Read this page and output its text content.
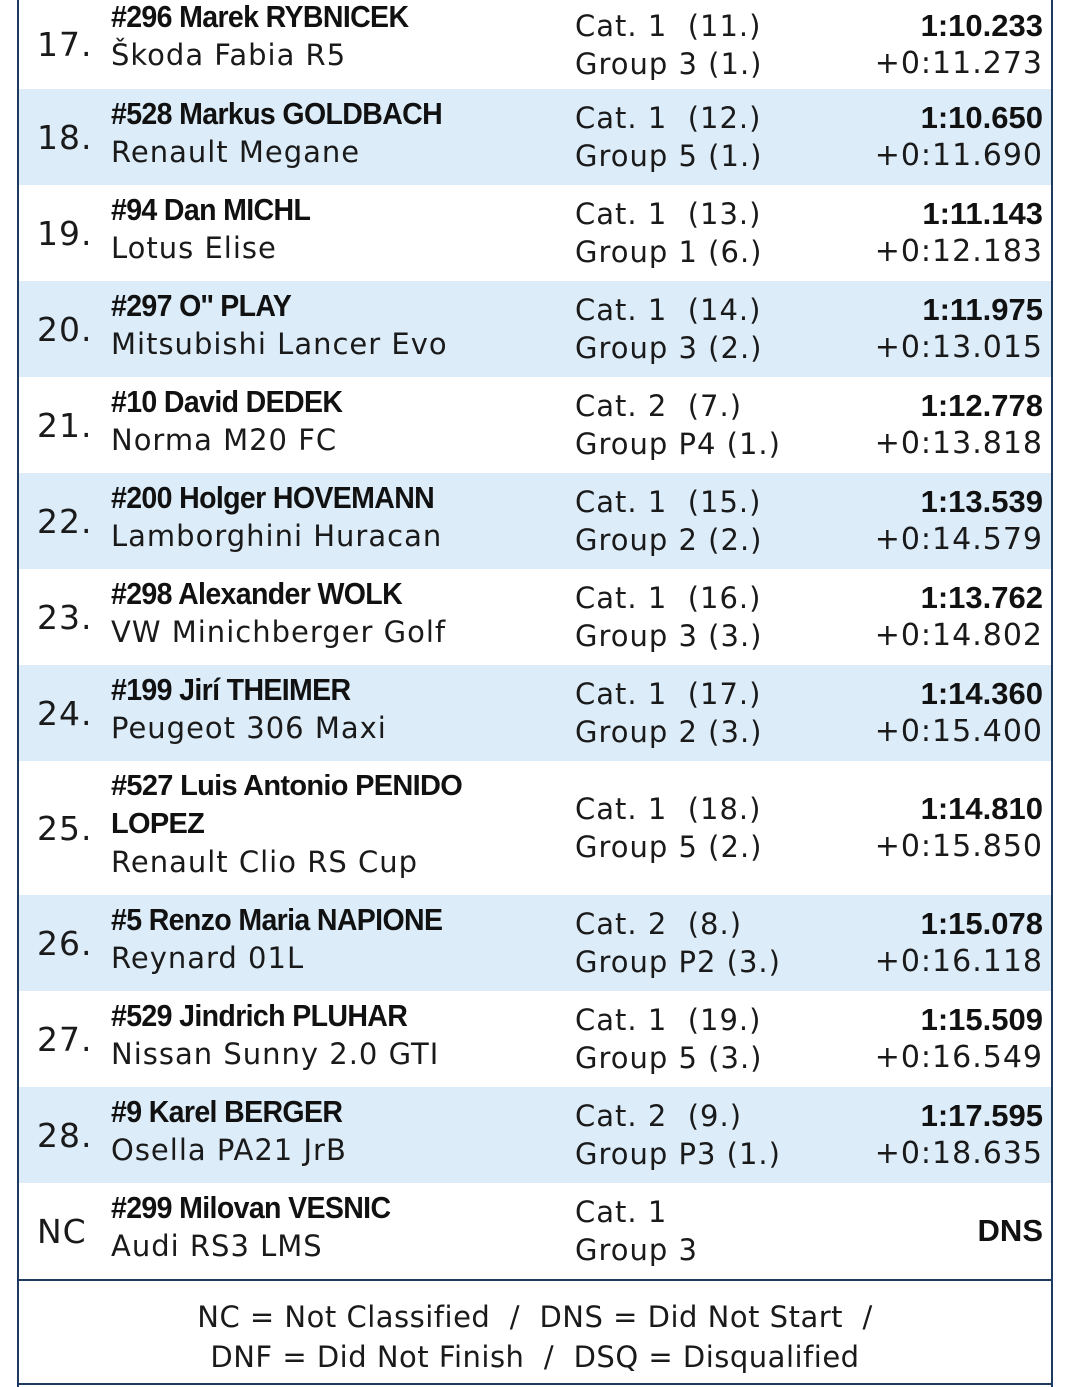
17.
#296 Marek RYBNICEK
Škoda Fabia R5
Cat. 1  (11.)
Group 3 (1.)
1:10.233
+0:11.273
18.
#528 Markus GOLDBACH
Renault Megane
Cat. 1  (12.)
Group 5 (1.)
1:10.650
+0:11.690
19.
#94 Dan MICHL
Lotus Elise
Cat. 1  (13.)
Group 1 (6.)
1:11.143
+0:12.183
20.
#297 O'' PLAY
Mitsubishi Lancer Evo
Cat. 1  (14.)
Group 3 (2.)
1:11.975
+0:13.015
21.
#10 David DEDEK
Norma M20 FC
Cat. 2  (7.)
Group P4 (1.)
1:12.778
+0:13.818
22.
#200 Holger HOVEMANN
Lamborghini Huracan
Cat. 1  (15.)
Group 2 (2.)
1:13.539
+0:14.579
23.
#298 Alexander WOLK
VW Minichberger Golf
Cat. 1  (16.)
Group 3 (3.)
1:13.762
+0:14.802
24.
#199 Jirí THEIMER
Peugeot 306 Maxi
Cat. 1  (17.)
Group 2 (3.)
1:14.360
+0:15.400
25.
#527 Luis Antonio PENIDO LOPEZ
Renault Clio RS Cup
Cat. 1  (18.)
Group 5 (2.)
1:14.810
+0:15.850
26.
#5 Renzo Maria NAPIONE
Reynard 01L
Cat. 2  (8.)
Group P2 (3.)
1:15.078
+0:16.118
27.
#529 Jindrich PLUHAR
Nissan Sunny 2.0 GTI
Cat. 1  (19.)
Group 5 (3.)
1:15.509
+0:16.549
28.
#9 Karel BERGER
Osella PA21 JrB
Cat. 2  (9.)
Group P3 (1.)
1:17.595
+0:18.635
NC
#299 Milovan VESNIC
Audi RS3 LMS
Cat. 1
Group 3
DNS
NC = Not Classified  /  DNS = Did Not Start  /
DNF = Did Not Finish  /  DSQ = Disqualified
